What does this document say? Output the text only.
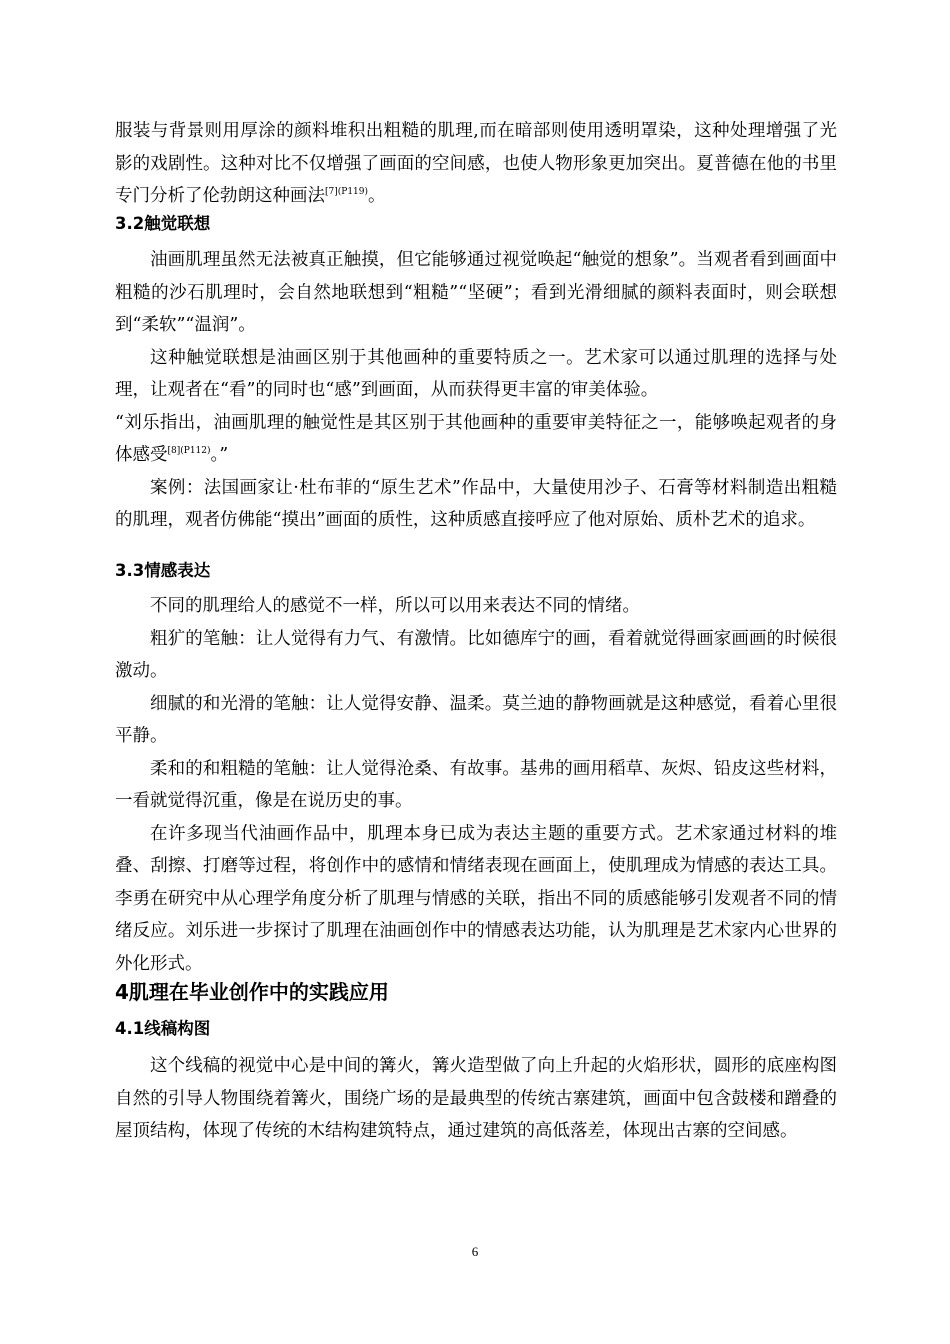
服装与背景则用厚涂的颜料堆积出粗糙的肌理,而在暗部则使用透明罩染，这种处理增强了光影的戏剧性。这种对比不仅增强了画面的空间感，也使人物形象更加突出。夏普德在他的书里专门分析了伦勃朗这种画法$^{[7](P119)}$。

3.2触觉联想

油画肌理虽然无法被真正触摸，但它能够通过视觉唤起“触觉的想象”。当观者看到画面中粗糙的沙石肌理时，会自然地联想到“粗糙”“坚硬”；看到光滑细腻的颜料表面时，则会联想到“柔软”“温润”。

这种触觉联想是油画区别于其他画种的重要特质之一。艺术家可以通过肌理的选择与处理，让观者在“看”的同时也“感”到画面，从而获得更丰富的审美体验。

“刘乐指出，油画肌理的触觉性是其区别于其他画种的重要审美特征之一，能够唤起观者的身体感受$^{[8](P112)}$。”

案例：法国画家让·杜布菲的“原生艺术”作品中，大量使用沙子、石膏等材料制造出粗糙的肌理，观者仿佛能“摸出”画面的质性，这种质感直接呼应了他对原始、质朴艺术的追求。

3.3情感表达

不同的肌理给人的感觉不一样，所以可以用来表达不同的情绪。

粗犷的笔触：让人觉得有力气、有激情。比如德库宁的画，看着就觉得画家画画的时候很激动。

细腻的和光滑的笔触：让人觉得安静、温柔。莫兰迪的静物画就是这种感觉，看着心里很平静。

柔和的和粗糙的笔触：让人觉得沧桑、有故事。基弗的画用稻草、灰烬、铅皮这些材料，一看就觉得沉重，像是在说历史的事。

在许多现当代油画作品中，肌理本身已成为表达主题的重要方式。艺术家通过材料的堆叠、刮擦、打磨等过程，将创作中的感情和情绪表现在画面上，使肌理成为情感的表达工具。李勇在研究中从心理学角度分析了肌理与情感的关联，指出不同的质感能够引发观者不同的情绪反应。刘乐进一步探讨了肌理在油画创作中的情感表达功能，认为肌理是艺术家内心世界的外化形式。

4肌理在毕业创作中的实践应用
4.1线稿构图

这个线稿的视觉中心是中间的篝火，篝火造型做了向上升起的火焰形状，圆形的底座构图自然的引导人物围绕着篝火，围绕广场的是最典型的传统古寨建筑，画面中包含鼓楼和蹭叠的屋顶结构，体现了传统的木结构建筑特点，通过建筑的高低落差，体现出古寨的空间感。

6
